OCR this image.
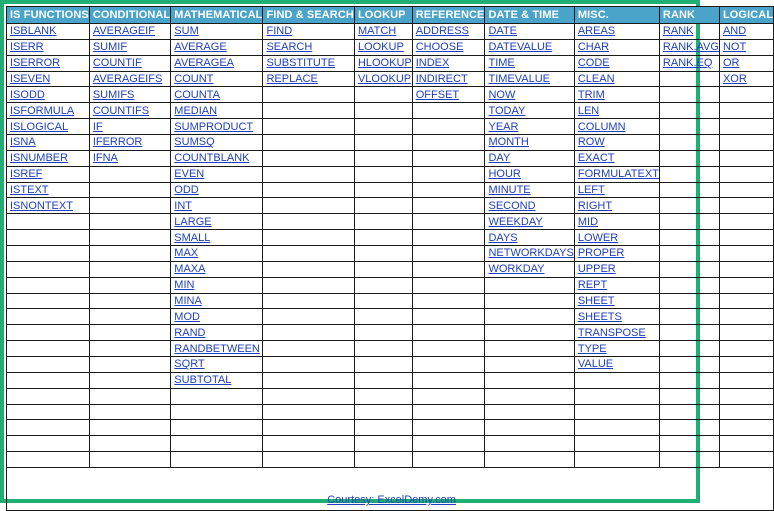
IS FUNCTIONS	CONDITIONAL	MATHEMATICAL	FIND & SEARCH	LOOKUP	REFERENCE	DATE & TIME	MISC.	RANK	LOGICAL
ISBLANK	AVERAGEIF	SUM	FIND	MATCH	ADDRESS	DATE	AREAS	RANK	AND
ISERR	SUMIF	AVERAGE	SEARCH	LOOKUP	CHOOSE	DATEVALUE	CHAR	RANK.AVG	NOT
ISERROR	COUNTIF	AVERAGEA	SUBSTITUTE	HLOOKUP	INDEX	TIME	CODE	RANK.EQ	OR
ISEVEN	AVERAGEIFS	COUNT	REPLACE	VLOOKUP	INDIRECT	TIMEVALUE	CLEAN		XOR
ISODD	SUMIFS	COUNTA			OFFSET	NOW	TRIM		
ISFORMULA	COUNTIFS	MEDIAN				TODAY	LEN		
ISLOGICAL	IF	SUMPRODUCT				YEAR	COLUMN		
ISNA	IFERROR	SUMSQ				MONTH	ROW		
ISNUMBER	IFNA	COUNTBLANK				DAY	EXACT		
ISREF		EVEN				HOUR	FORMULATEXT		
ISTEXT		ODD				MINUTE	LEFT		
ISNONTEXT		INT				SECOND	RIGHT		
		LARGE				WEEKDAY	MID		
		SMALL				DAYS	LOWER		
		MAX				NETWORKDAYS	PROPER		
		MAXA				WORKDAY	UPPER		
		MIN					REPT		
		MINA					SHEET		
		MOD					SHEETS		
		RAND					TRANSPOSE		
		RANDBETWEEN					TYPE		
		SQRT					VALUE		
		SUBTOTAL							

Courtesy: ExcelDemy.com									
